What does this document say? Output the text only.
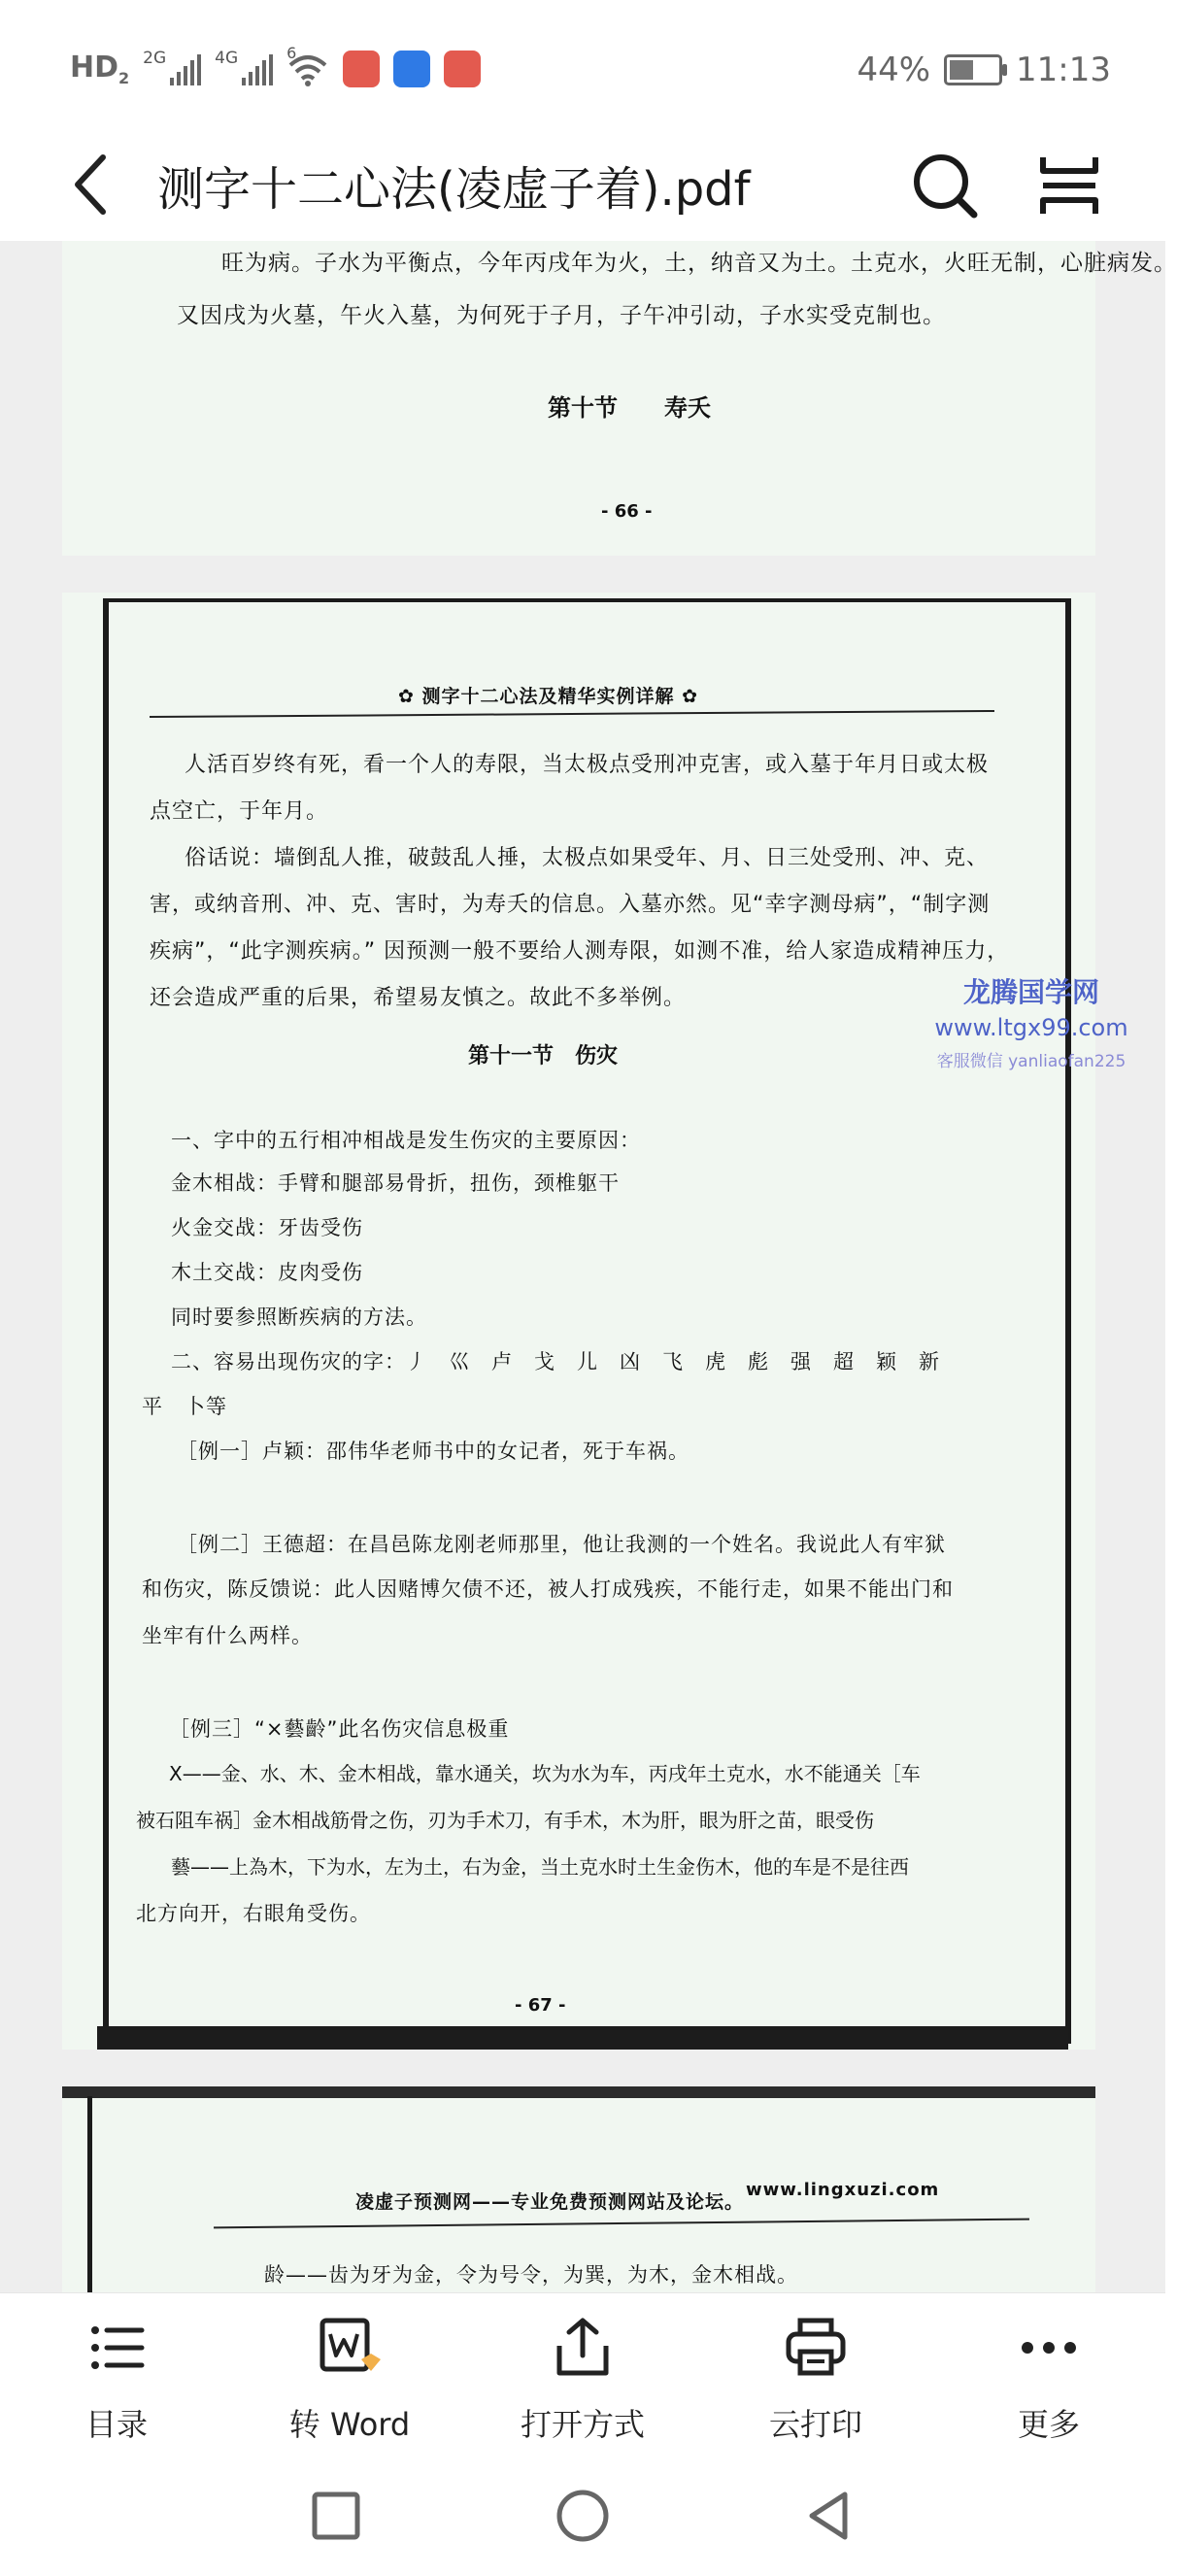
$HD_2$
2G	4G	6	44%	11:13
测字十二心法(凌虚子着).pdf
旺为病。子水为平衡点，今年丙戌年为火，土，纳音又为土。土克水，火旺无制，心脏病发。
又因戌为火墓，午火入墓，为何死于子月，子午冲引动，子水实受克制也。
第十节　　寿夭
- 66 -
✿ 测字十二心法及精华实例详解 ✿
人活百岁终有死，看一个人的寿限，当太极点受刑冲克害，或入墓于年月日或太极
点空亡，于年月。
俗话说：墙倒乱人推，破鼓乱人捶，太极点如果受年、月、日三处受刑、冲、克、
害，或纳音刑、冲、克、害时，为寿夭的信息。入墓亦然。见“幸字测母病”，“制字测
疾病”，“此字测疾病。” 因预测一般不要给人测寿限，如测不准，给人家造成精神压力，
还会造成严重的后果，希望易友慎之。故此不多举例。
第十一节　伤灾
一、字中的五行相冲相战是发生伤灾的主要原因：
金木相战：手臂和腿部易骨折，扭伤，颈椎躯干
火金交战：牙齿受伤
木土交战：皮肉受伤
同时要参照断疾病的方法。
二、容易出现伤灾的字：丿　巛　卢　戈　儿　凶　飞　虎　彪　强　超　颖　新
平　卜等
［例一］卢颖：邵伟华老师书中的女记者，死于车祸。
［例二］王德超：在昌邑陈龙刚老师那里，他让我测的一个姓名。我说此人有牢狱
和伤灾，陈反馈说：此人因赌博欠债不还，被人打成残疾，不能行走，如果不能出门和
坐牢有什么两样。
［例三］“×藝齡”此名伤灾信息极重
X——金、水、木、金木相战，靠水通关，坎为水为车，丙戌年土克水，水不能通关［车
被石阻车祸］金木相战筋骨之伤，刃为手术刀，有手术，木为肝，眼为肝之苗，眼受伤
藝——上為木，下为水，左为土，右为金，当土克水时土生金伤木，他的车是不是往西
北方向开，右眼角受伤。
- 67 -
龙腾国学网
www.ltgx99.com
客服微信 yanliaofan225
凌虚子预测网——专业免费预测网站及论坛。
www.lingxuzi.com
龄——齿为牙为金，令为号令，为巽，为木，金木相战。
目录	转 Word	打开方式	云打印	更多
